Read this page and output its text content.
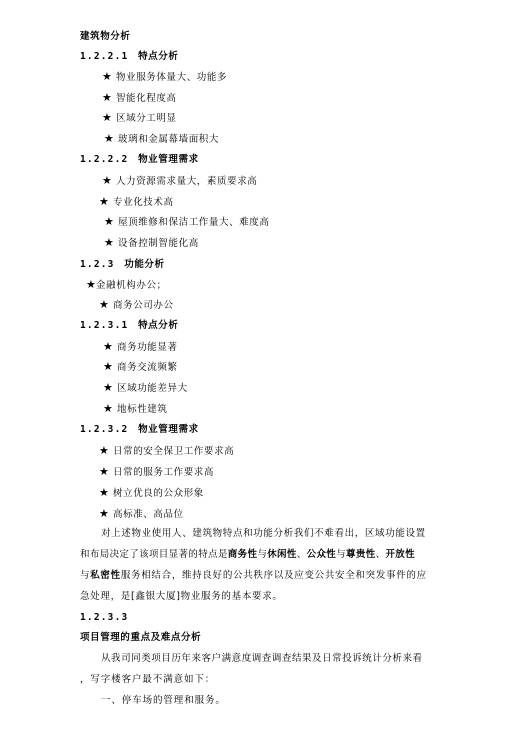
建筑物分析
1.2.2.1 特点分析
★ 物业服务体量大、功能多
★ 智能化程度高
★ 区域分工明显
★ 玻璃和金属幕墙面积大
1.2.2.2 物业管理需求
★ 人力资源需求量大，素质要求高
★ 专业化技术高
★ 屋顶维修和保洁工作量大、难度高
★ 设备控制智能化高
1.2.3 功能分析
★金融机构办公；
★ 商务公司办公
1.2.3.1 特点分析
★ 商务功能显著
★ 商务交流频繁
★ 区域功能差异大
★ 地标性建筑
1.2.3.2 物业管理需求
★ 日常的安全保卫工作要求高
★ 日常的服务工作要求高
★ 树立优良的公众形象
★ 高标准、高品位
对上述物业使用人、建筑物特点和功能分析我们不难看出，区域功能设置
和布局决定了该项目显著的特点是商务性与休闲性、公众性与尊贵性、开放性
与私密性服务相结合，维持良好的公共秩序以及应变公共安全和突发事件的应
急处理，是[鑫银大厦]物业服务的基本要求。
1.2.3.3
项目管理的重点及难点分析
从我司同类项目历年来客户满意度调查调查结果及日常投诉统计分析来看
，写字楼客户最不满意如下：
一、停车场的管理和服务。
